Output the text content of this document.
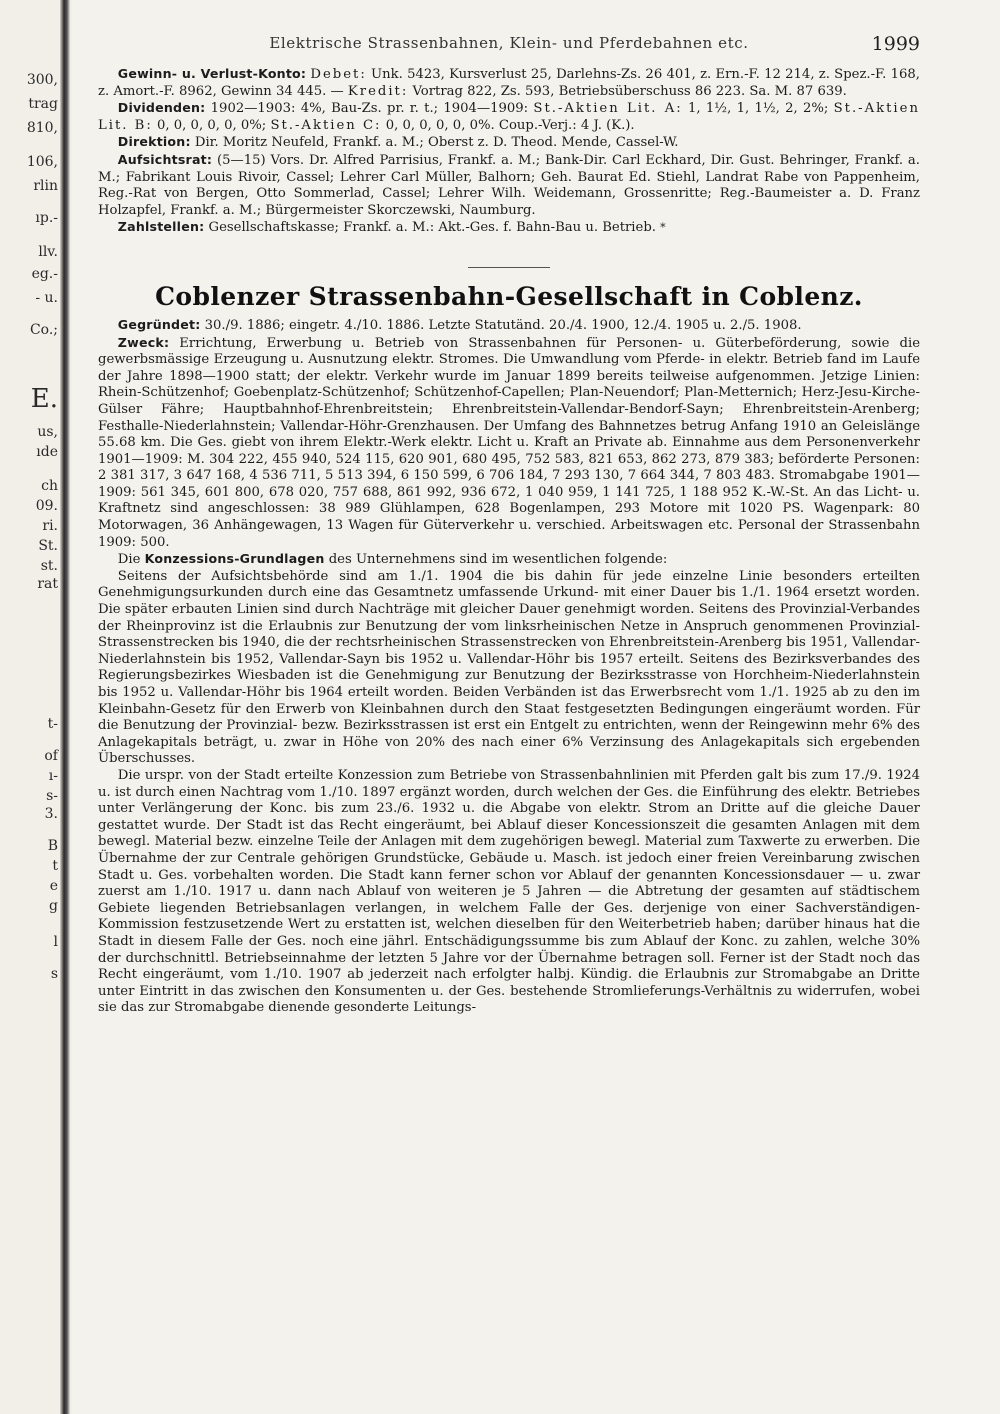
300,
trag
810,
106,
rlin
ıp.-
llv.
eg.-
- u.
Co.;
E.
us,
ıde
ch
09.
ri.
St.
st.
rat
t-
of
ı-
s-
3.
B
t
e
g
l
s
Elektrische Strassenbahnen, Klein- und Pferdebahnen etc.	1999

Gewinn- u. Verlust-Konto: Debet: Unk. 5423, Kursverlust 25, Darlehns-Zs. 26 401, z. Ern.-F. 12 214, z. Spez.-F. 168, z. Amort.-F. 8962, Gewinn 34 445. — Kredit: Vortrag 822, Zs. 593, Betriebsüberschuss 86 223. Sa. M. 87 639.

Dividenden: 1902—1903: 4%, Bau-Zs. pr. r. t.; 1904—1909: St.-Aktien Lit. A: 1, 1½, 1, 1½, 2, 2%; St.-Aktien Lit. B: 0, 0, 0, 0, 0, 0%; St.-Aktien C: 0, 0, 0, 0, 0, 0%. Coup.-Verj.: 4 J. (K.).

Direktion: Dir. Moritz Neufeld, Frankf. a. M.; Oberst z. D. Theod. Mende, Cassel-W.

Aufsichtsrat: (5—15) Vors. Dr. Alfred Parrisius, Frankf. a. M.; Bank-Dir. Carl Eckhard, Dir. Gust. Behringer, Frankf. a. M.; Fabrikant Louis Rivoir, Cassel; Lehrer Carl Müller, Balhorn; Geh. Baurat Ed. Stiehl, Landrat Rabe von Pappenheim, Reg.-Rat von Bergen, Otto Sommerlad, Cassel; Lehrer Wilh. Weidemann, Grossenritte; Reg.-Baumeister a. D. Franz Holzapfel, Frankf. a. M.; Bürgermeister Skorczewski, Naumburg.

Zahlstellen: Gesellschaftskasse; Frankf. a. M.: Akt.-Ges. f. Bahn-Bau u. Betrieb. *

Coblenzer Strassenbahn-Gesellschaft in Coblenz.

Gegründet: 30./9. 1886; eingetr. 4./10. 1886. Letzte Statutänd. 20./4. 1900, 12./4. 1905 u. 2./5. 1908.

Zweck: Errichtung, Erwerbung u. Betrieb von Strassenbahnen für Personen- u. Güterbeförderung, sowie die gewerbsmässige Erzeugung u. Ausnutzung elektr. Stromes. Die Umwandlung vom Pferde- in elektr. Betrieb fand im Laufe der Jahre 1898—1900 statt; der elektr. Verkehr wurde im Januar 1899 bereits teilweise aufgenommen. Jetzige Linien: Rhein-Schützenhof; Goebenplatz-Schützenhof; Schützenhof-Capellen; Plan-Neuendorf; Plan-Metternich; Herz-Jesu-Kirche-Gülser Fähre; Hauptbahnhof-Ehrenbreitstein; Ehrenbreitstein-Vallendar-Bendorf-Sayn; Ehrenbreitstein-Arenberg; Festhalle-Niederlahnstein; Vallendar-Höhr-Grenzhausen. Der Umfang des Bahnnetzes betrug Anfang 1910 an Geleislänge 55.68 km. Die Ges. giebt von ihrem Elektr.-Werk elektr. Licht u. Kraft an Private ab. Einnahme aus dem Personenverkehr 1901—1909: M. 304 222, 455 940, 524 115, 620 901, 680 495, 752 583, 821 653, 862 273, 879 383; beförderte Personen: 2 381 317, 3 647 168, 4 536 711, 5 513 394, 6 150 599, 6 706 184, 7 293 130, 7 664 344, 7 803 483. Stromabgabe 1901—1909: 561 345, 601 800, 678 020, 757 688, 861 992, 936 672, 1 040 959, 1 141 725, 1 188 952 K.-W.-St. An das Licht- u. Kraftnetz sind angeschlossen: 38 989 Glühlampen, 628 Bogenlampen, 293 Motore mit 1020 PS. Wagenpark: 80 Motorwagen, 36 Anhängewagen, 13 Wagen für Güterverkehr u. verschied. Arbeitswagen etc. Personal der Strassenbahn 1909: 500.

Die Konzessions-Grundlagen des Unternehmens sind im wesentlichen folgende:

Seitens der Aufsichtsbehörde sind am 1./1. 1904 die bis dahin für jede einzelne Linie besonders erteilten Genehmigungsurkunden durch eine das Gesamtnetz umfassende Urkund- mit einer Dauer bis 1./1. 1964 ersetzt worden. Die später erbauten Linien sind durch Nachträge mit gleicher Dauer genehmigt worden. Seitens des Provinzial-Verbandes der Rheinprovinz ist die Erlaubnis zur Benutzung der vom linksrheinischen Netze in Anspruch genommenen Provinzial-Strassenstrecken bis 1940, die der rechtsrheinischen Strassenstrecken von Ehrenbreitstein-Arenberg bis 1951, Vallendar-Niederlahnstein bis 1952, Vallendar-Sayn bis 1952 u. Vallendar-Höhr bis 1957 erteilt. Seitens des Bezirksverbandes des Regierungsbezirkes Wiesbaden ist die Genehmigung zur Benutzung der Bezirksstrasse von Horchheim-Niederlahnstein bis 1952 u. Vallendar-Höhr bis 1964 erteilt worden. Beiden Verbänden ist das Erwerbsrecht vom 1./1. 1925 ab zu den im Kleinbahn-Gesetz für den Erwerb von Kleinbahnen durch den Staat festgesetzten Bedingungen eingeräumt worden. Für die Benutzung der Provinzial- bezw. Bezirksstrassen ist erst ein Entgelt zu entrichten, wenn der Reingewinn mehr 6% des Anlagekapitals beträgt, u. zwar in Höhe von 20% des nach einer 6% Verzinsung des Anlagekapitals sich ergebenden Überschusses.

Die urspr. von der Stadt erteilte Konzession zum Betriebe von Strassenbahnlinien mit Pferden galt bis zum 17./9. 1924 u. ist durch einen Nachtrag vom 1./10. 1897 ergänzt worden, durch welchen der Ges. die Einführung des elektr. Betriebes unter Verlängerung der Konc. bis zum 23./6. 1932 u. die Abgabe von elektr. Strom an Dritte auf die gleiche Dauer gestattet wurde. Der Stadt ist das Recht eingeräumt, bei Ablauf dieser Koncessionszeit die gesamten Anlagen mit dem bewegl. Material bezw. einzelne Teile der Anlagen mit dem zugehörigen bewegl. Material zum Taxwerte zu erwerben. Die Übernahme der zur Centrale gehörigen Grundstücke, Gebäude u. Masch. ist jedoch einer freien Vereinbarung zwischen Stadt u. Ges. vorbehalten worden. Die Stadt kann ferner schon vor Ablauf der genannten Koncessionsdauer — u. zwar zuerst am 1./10. 1917 u. dann nach Ablauf von weiteren je 5 Jahren — die Abtretung der gesamten auf städtischem Gebiete liegenden Betriebsanlagen verlangen, in welchem Falle der Ges. derjenige von einer Sachverständigen-Kommission festzusetzende Wert zu erstatten ist, welchen dieselben für den Weiterbetrieb haben; darüber hinaus hat die Stadt in diesem Falle der Ges. noch eine jährl. Entschädigungssumme bis zum Ablauf der Konc. zu zahlen, welche 30% der durchschnittl. Betriebseinnahme der letzten 5 Jahre vor der Übernahme betragen soll. Ferner ist der Stadt noch das Recht eingeräumt, vom 1./10. 1907 ab jederzeit nach erfolgter halbj. Kündig. die Erlaubnis zur Stromabgabe an Dritte unter Eintritt in das zwischen den Konsumenten u. der Ges. bestehende Stromlieferungs-Verhältnis zu widerrufen, wobei sie das zur Stromabgabe dienende gesonderte Leitungs-
